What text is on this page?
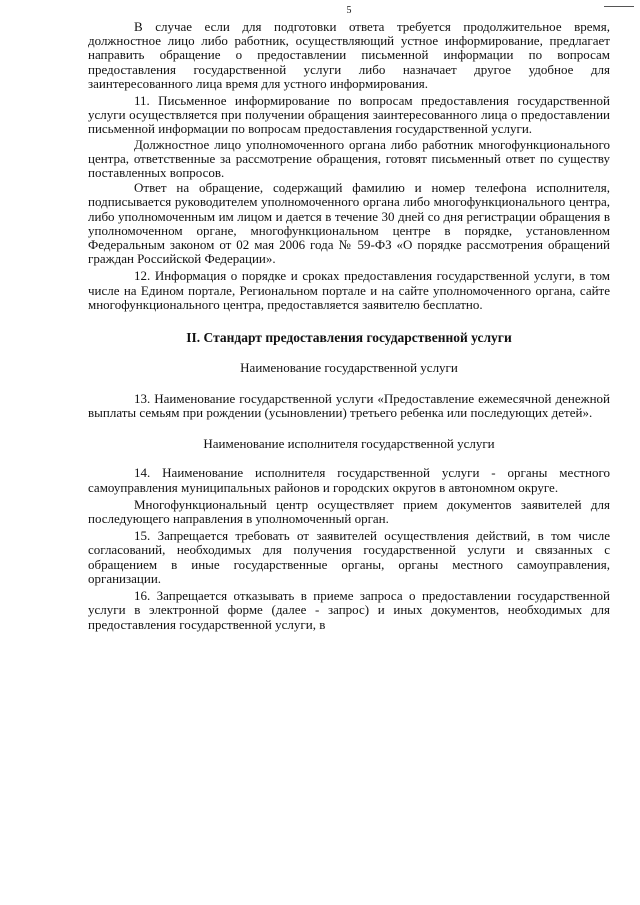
5

В случае если для подготовки ответа требуется продолжительное время, должностное лицо либо работник, осуществляющий устное информирование, предлагает направить обращение о предоставлении письменной информации по вопросам предоставления государственной услуги либо назначает другое удобное для заинтересованного лица время для устного информирования.

11. Письменное информирование по вопросам предоставления государственной услуги осуществляется при получении обращения заинтересованного лица о предоставлении письменной информации по вопросам предоставления государственной услуги.

Должностное лицо уполномоченного органа либо работник многофункционального центра, ответственные за рассмотрение обращения, готовят письменный ответ по существу поставленных вопросов.

Ответ на обращение, содержащий фамилию и номер телефона исполнителя, подписывается руководителем уполномоченного органа либо многофункционального центра, либо уполномоченным им лицом и дается в течение 30 дней со дня регистрации обращения в уполномоченном органе, многофункциональном центре в порядке, установленном Федеральным законом от 02 мая 2006 года № 59-ФЗ «О порядке рассмотрения обращений граждан Российской Федерации».

12. Информация о порядке и сроках предоставления государственной услуги, в том числе на Едином портале, Региональном портале и на сайте уполномоченного органа, сайте многофункционального центра, предоставляется заявителю бесплатно.

II. Стандарт предоставления государственной услуги
Наименование государственной услуги

13. Наименование государственной услуги «Предоставление ежемесячной денежной выплаты семьям при рождении (усыновлении) третьего ребенка или последующих детей».

Наименование исполнителя государственной услуги

14. Наименование исполнителя государственной услуги - органы местного самоуправления муниципальных районов и городских округов в автономном округе.

Многофункциональный центр осуществляет прием документов заявителей для последующего направления в уполномоченный орган.

15. Запрещается требовать от заявителей осуществления действий, в том числе согласований, необходимых для получения государственной услуги и связанных с обращением в иные государственные органы, органы местного самоуправления, организации.

16. Запрещается отказывать в приеме запроса о предоставлении государственной услуги в электронной форме (далее - запрос) и иных документов, необходимых для предоставления государственной услуги, в
